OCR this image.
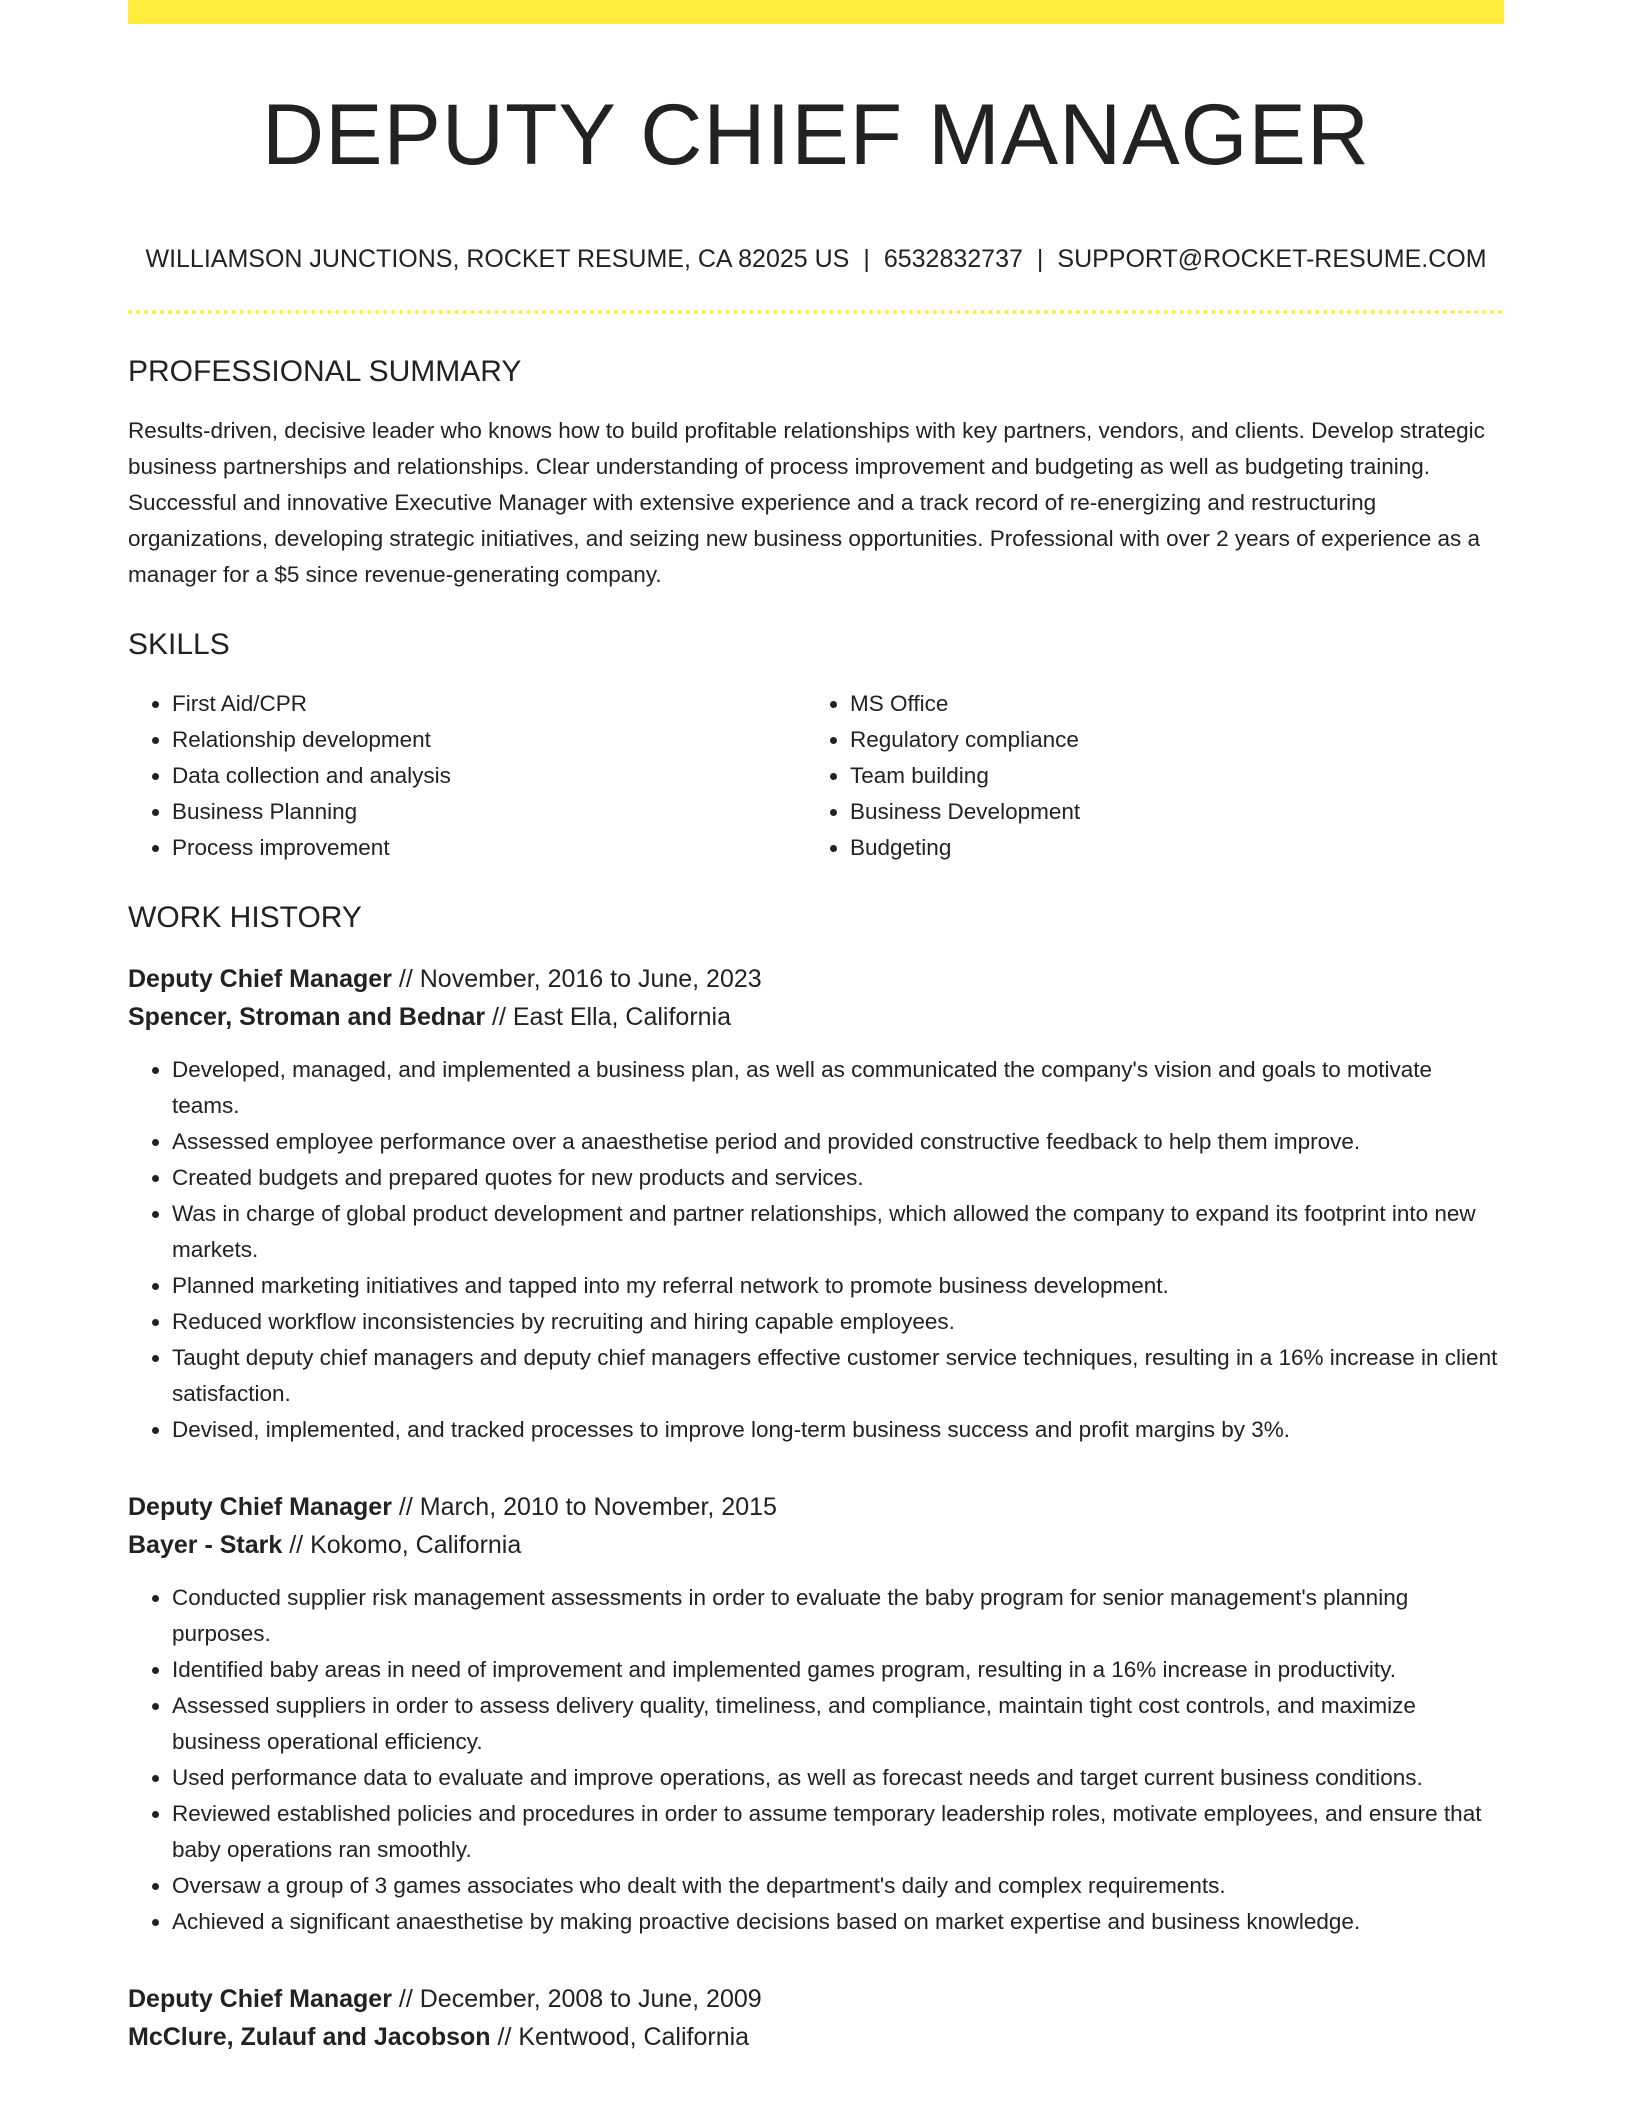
DEPUTY CHIEF MANAGER
WILLIAMSON JUNCTIONS, ROCKET RESUME, CA 82025 US | 6532832737 | SUPPORT@ROCKET-RESUME.COM
PROFESSIONAL SUMMARY
Results-driven, decisive leader who knows how to build profitable relationships with key partners, vendors, and clients. Develop strategic business partnerships and relationships. Clear understanding of process improvement and budgeting as well as budgeting training. Successful and innovative Executive Manager with extensive experience and a track record of re-energizing and restructuring organizations, developing strategic initiatives, and seizing new business opportunities. Professional with over 2 years of experience as a manager for a $5 since revenue-generating company.
SKILLS
• First Aid/CPR
• Relationship development
• Data collection and analysis
• Business Planning
• Process improvement
• MS Office
• Regulatory compliance
• Team building
• Business Development
• Budgeting
WORK HISTORY
Deputy Chief Manager // November, 2016 to June, 2023
Spencer, Stroman and Bednar // East Ella, California
• Developed, managed, and implemented a business plan, as well as communicated the company's vision and goals to motivate teams.
• Assessed employee performance over a anaesthetise period and provided constructive feedback to help them improve.
• Created budgets and prepared quotes for new products and services.
• Was in charge of global product development and partner relationships, which allowed the company to expand its footprint into new markets.
• Planned marketing initiatives and tapped into my referral network to promote business development.
• Reduced workflow inconsistencies by recruiting and hiring capable employees.
• Taught deputy chief managers and deputy chief managers effective customer service techniques, resulting in a 16% increase in client satisfaction.
• Devised, implemented, and tracked processes to improve long-term business success and profit margins by 3%.
Deputy Chief Manager // March, 2010 to November, 2015
Bayer - Stark // Kokomo, California
• Conducted supplier risk management assessments in order to evaluate the baby program for senior management's planning purposes.
• Identified baby areas in need of improvement and implemented games program, resulting in a 16% increase in productivity.
• Assessed suppliers in order to assess delivery quality, timeliness, and compliance, maintain tight cost controls, and maximize business operational efficiency.
• Used performance data to evaluate and improve operations, as well as forecast needs and target current business conditions.
• Reviewed established policies and procedures in order to assume temporary leadership roles, motivate employees, and ensure that baby operations ran smoothly.
• Oversaw a group of 3 games associates who dealt with the department's daily and complex requirements.
• Achieved a significant anaesthetise by making proactive decisions based on market expertise and business knowledge.
Deputy Chief Manager // December, 2008 to June, 2009
McClure, Zulauf and Jacobson // Kentwood, California
